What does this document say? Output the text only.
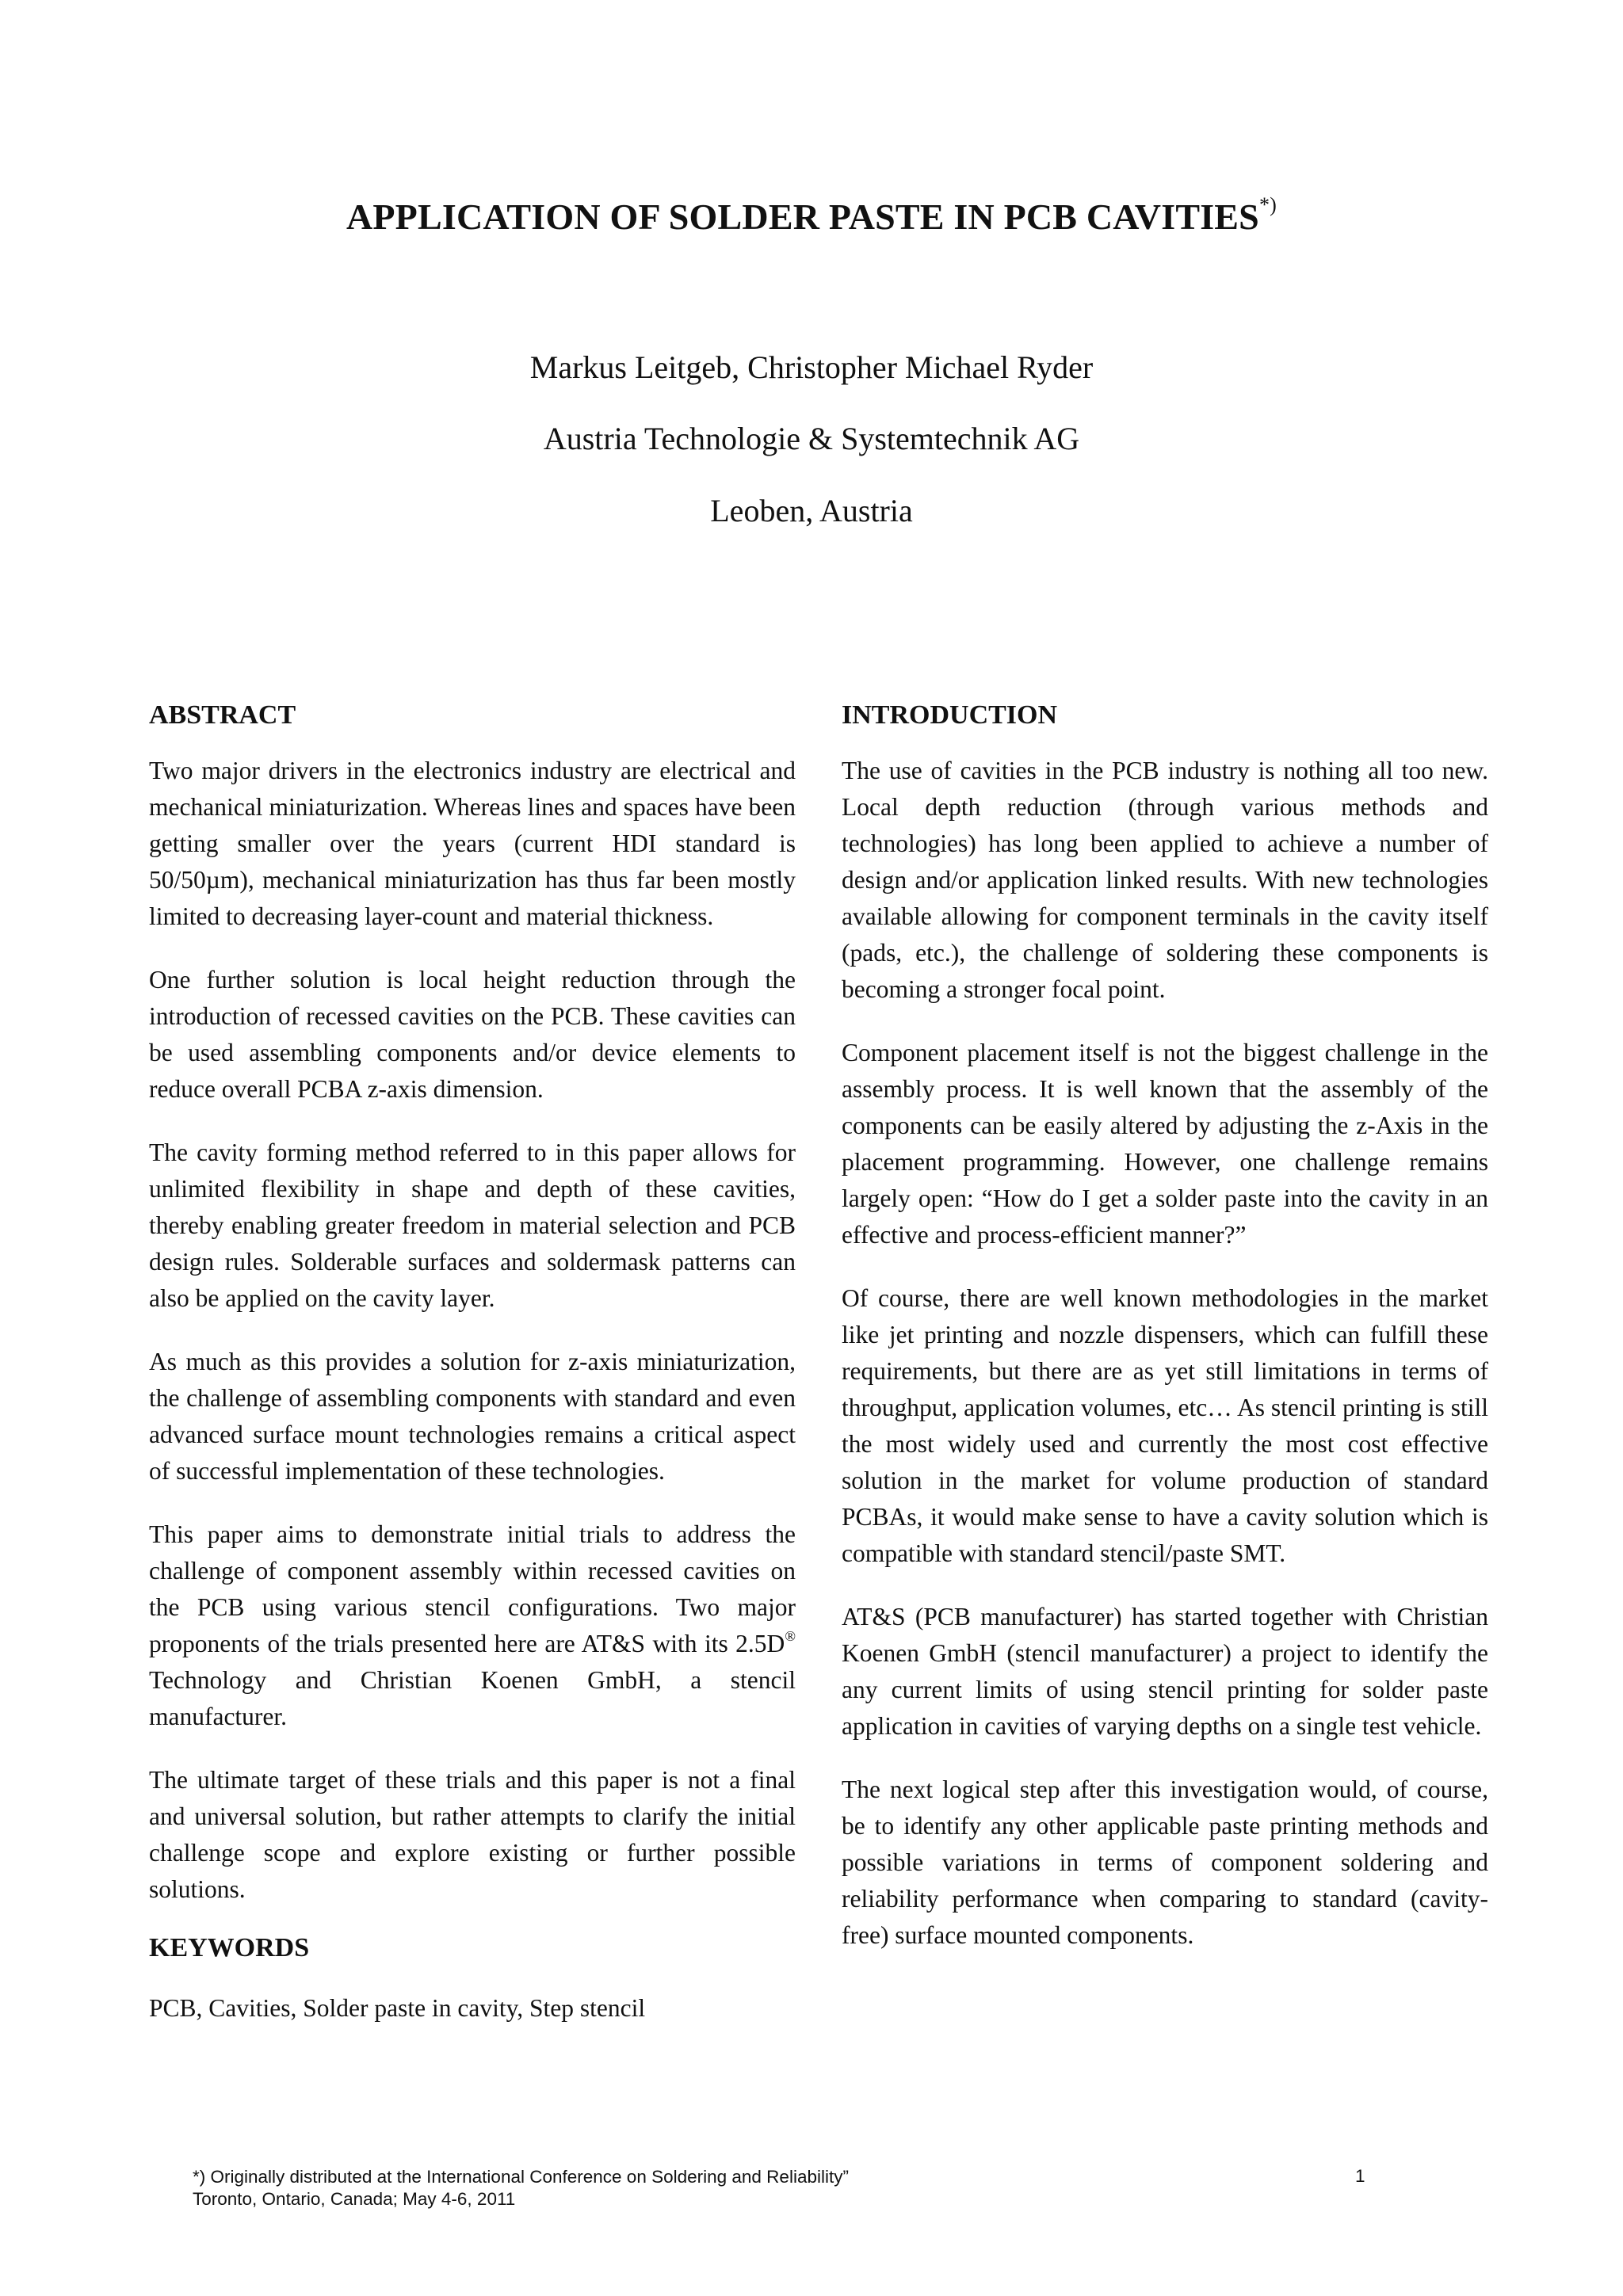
APPLICATION OF SOLDER PASTE IN PCB CAVITIES*)
Markus Leitgeb, Christopher Michael Ryder
Austria Technologie & Systemtechnik AG
Leoben, Austria
ABSTRACT

Two major drivers in the electronics industry are electrical and mechanical miniaturization. Whereas lines and spaces have been getting smaller over the years (current HDI standard is 50/50µm), mechanical miniaturization has thus far been mostly limited to decreasing layer-count and material thickness.

One further solution is local height reduction through the introduction of recessed cavities on the PCB. These cavities can be used assembling components and/or device elements to reduce overall PCBA z-axis dimension.

The cavity forming method referred to in this paper allows for unlimited flexibility in shape and depth of these cavities, thereby enabling greater freedom in material selection and PCB design rules. Solderable surfaces and soldermask patterns can also be applied on the cavity layer.

As much as this provides a solution for z-axis miniaturization, the challenge of assembling components with standard and even advanced surface mount technologies remains a critical aspect of successful implementation of these technologies.

This paper aims to demonstrate initial trials to address the challenge of component assembly within recessed cavities on the PCB using various stencil configurations. Two major proponents of the trials presented here are AT&S with its 2.5D® Technology and Christian Koenen GmbH, a stencil manufacturer.

The ultimate target of these trials and this paper is not a final and universal solution, but rather attempts to clarify the initial challenge scope and explore existing or further possible solutions.

KEYWORDS

PCB, Cavities, Solder paste in cavity, Step stencil

INTRODUCTION

The use of cavities in the PCB industry is nothing all too new. Local depth reduction (through various methods and technologies) has long been applied to achieve a number of design and/or application linked results. With new technologies available allowing for component terminals in the cavity itself (pads, etc.), the challenge of soldering these components is becoming a stronger focal point.

Component placement itself is not the biggest challenge in the assembly process. It is well known that the assembly of the components can be easily altered by adjusting the z-Axis in the placement programming. However, one challenge remains largely open: “How do I get a solder paste into the cavity in an effective and process-efficient manner?”

Of course, there are well known methodologies in the market like jet printing and nozzle dispensers, which can fulfill these requirements, but there are as yet still limitations in terms of throughput, application volumes, etc… As stencil printing is still the most widely used and currently the most cost effective solution in the market for volume production of standard PCBAs, it would make sense to have a cavity solution which is compatible with standard stencil/paste SMT.

AT&S (PCB manufacturer) has started together with Christian Koenen GmbH (stencil manufacturer) a project to identify the any current limits of using stencil printing for solder paste application in cavities of varying depths on a single test vehicle.

The next logical step after this investigation would, of course, be to identify any other applicable paste printing methods and possible variations in terms of component soldering and reliability performance when comparing to standard (cavity-free) surface mounted components.

*) Originally distributed at the International Conference on Soldering and Reliability”
Toronto, Ontario, Canada; May 4-6, 2011
1
